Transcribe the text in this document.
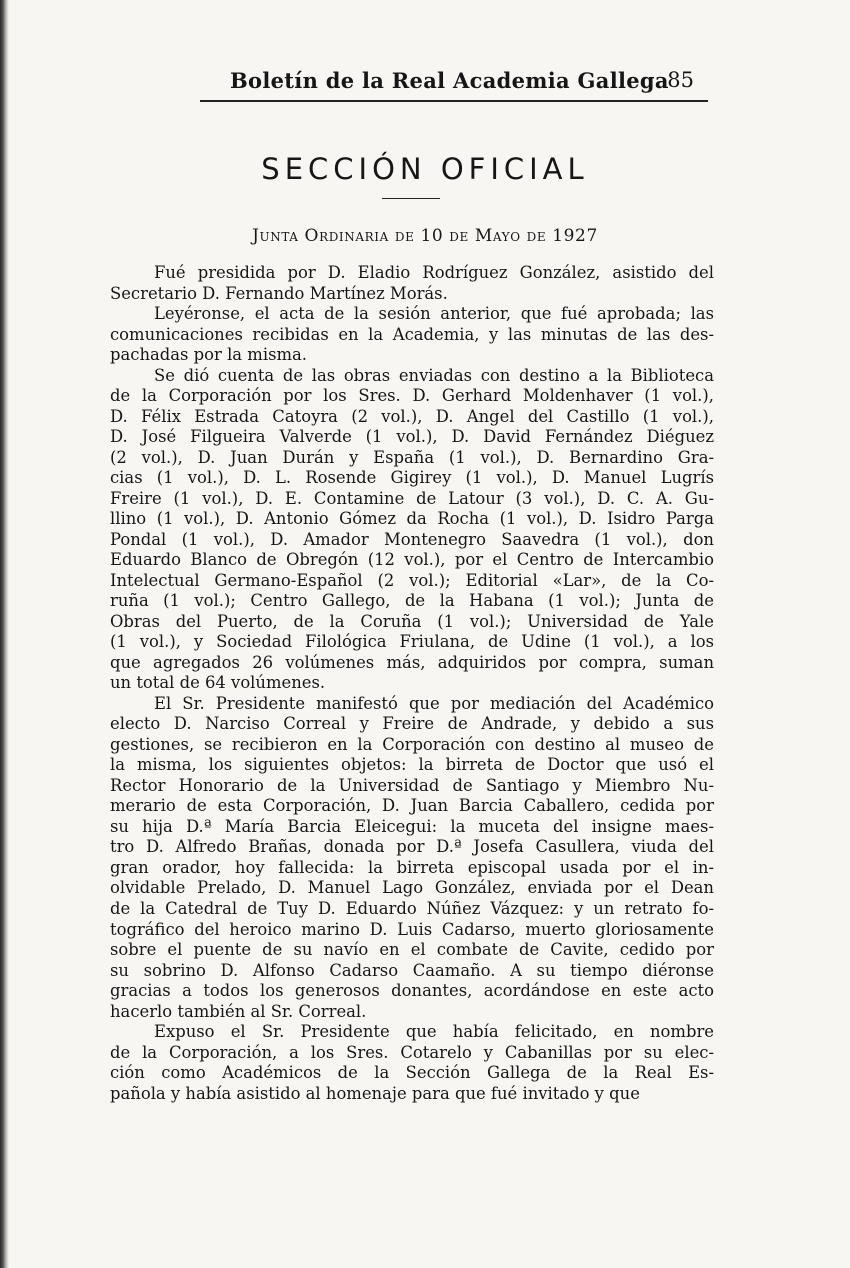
Boletín de la Real Academia Gallega
85
SECCIÓN OFICIAL
Junta Ordinaria de 10 de Mayo de 1927
Fué presidida por D. Eladio Rodríguez González, asistido del
Secretario D. Fernando Martínez Morás.
Leyéronse, el acta de la sesión anterior, que fué aprobada; las
comunicaciones recibidas en la Academia, y las minutas de las des-
pachadas por la misma.
Se dió cuenta de las obras enviadas con destino a la Biblioteca
de la Corporación por los Sres. D. Gerhard Moldenhaver (1 vol.),
D. Félix Estrada Catoyra (2 vol.), D. Angel del Castillo (1 vol.),
D. José Filgueira Valverde (1 vol.), D. David Fernández Diéguez
(2 vol.), D. Juan Durán y España (1 vol.), D. Bernardino Gra-
cias (1 vol.), D. L. Rosende Gigirey (1 vol.), D. Manuel Lugrís
Freire (1 vol.), D. E. Contamine de Latour (3 vol.), D. C. A. Gu-
llino (1 vol.), D. Antonio Gómez da Rocha (1 vol.), D. Isidro Parga
Pondal (1 vol.), D. Amador Montenegro Saavedra (1 vol.), don
Eduardo Blanco de Obregón (12 vol.), por el Centro de Intercambio
Intelectual Germano-Español (2 vol.); Editorial «Lar», de la Co-
ruña (1 vol.); Centro Gallego, de la Habana (1 vol.); Junta de
Obras del Puerto, de la Coruña (1 vol.); Universidad de Yale
(1 vol.), y Sociedad Filológica Friulana, de Udine (1 vol.), a los
que agregados 26 volúmenes más, adquiridos por compra, suman
un total de 64 volúmenes.
El Sr. Presidente manifestó que por mediación del Académico
electo D. Narciso Correal y Freire de Andrade, y debido a sus
gestiones, se recibieron en la Corporación con destino al museo de
la misma, los siguientes objetos: la birreta de Doctor que usó el
Rector Honorario de la Universidad de Santiago y Miembro Nu-
merario de esta Corporación, D. Juan Barcia Caballero, cedida por
su hija D.ª María Barcia Eleicegui: la muceta del insigne maes-
tro D. Alfredo Brañas, donada por D.ª Josefa Casullera, viuda del
gran orador, hoy fallecida: la birreta episcopal usada por el in-
olvidable Prelado, D. Manuel Lago González, enviada por el Dean
de la Catedral de Tuy D. Eduardo Núñez Vázquez: y un retrato fo-
tográfico del heroico marino D. Luis Cadarso, muerto gloriosamente
sobre el puente de su navío en el combate de Cavite, cedido por
su sobrino D. Alfonso Cadarso Caamaño. A su tiempo diéronse
gracias a todos los generosos donantes, acordándose en este acto
hacerlo también al Sr. Correal.
Expuso el Sr. Presidente que había felicitado, en nombre
de la Corporación, a los Sres. Cotarelo y Cabanillas por su elec-
ción como Académicos de la Sección Gallega de la Real Es-
pañola y había asistido al homenaje para que fué invitado y que
